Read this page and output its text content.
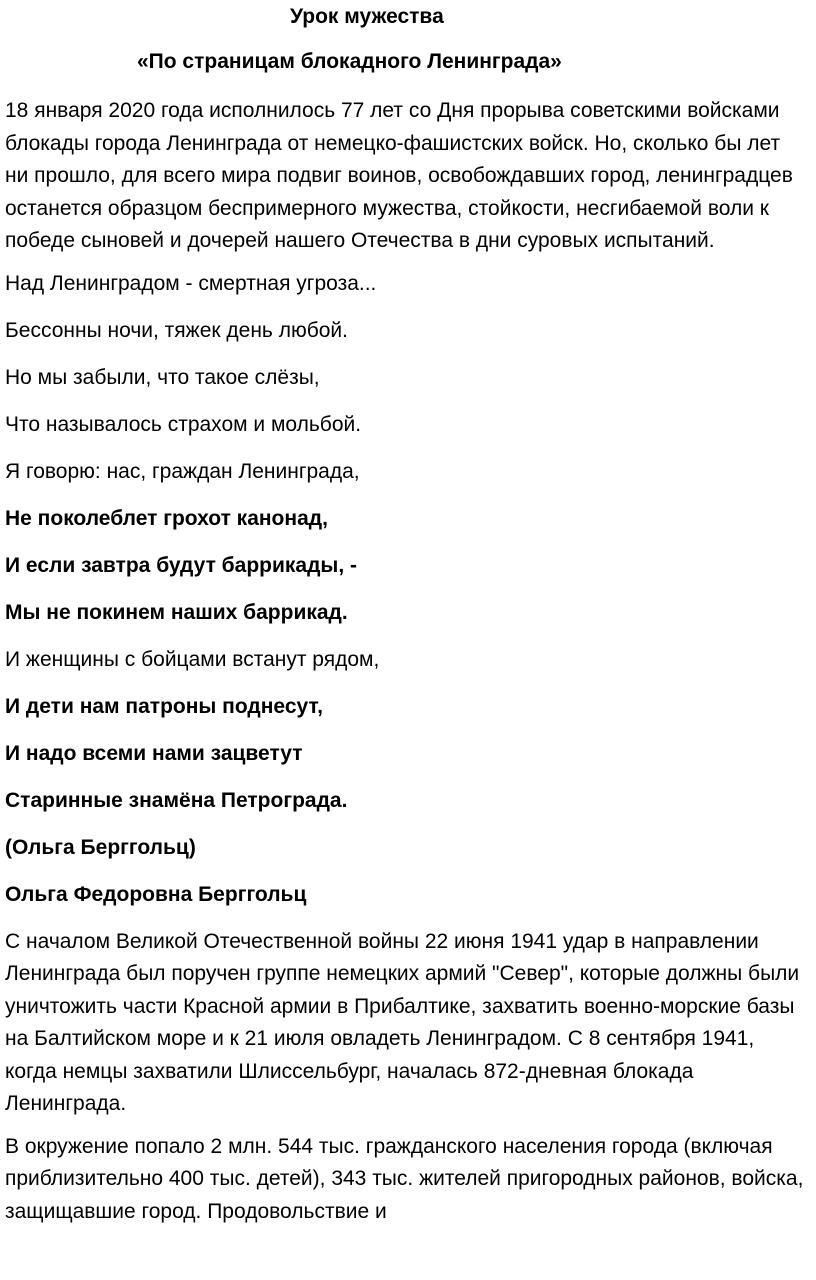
Урок мужества

«По страницам блокадного Ленинграда»

18 января 2020 года исполнилось 77 лет со Дня прорыва советскими войсками блокады города Ленинграда от немецко-фашистских войск. Но, сколько бы лет ни прошло, для всего мира подвиг воинов, освобождавших город, ленинградцев останется образцом беспримерного мужества, стойкости, несгибаемой воли к победе сыновей и дочерей нашего Отечества в дни суровых испытаний.

Над Ленинградом - смертная угроза...

Бессонны ночи, тяжек день любой.

Но мы забыли, что такое слёзы,

Что называлось страхом и мольбой.

Я говорю: нас, граждан Ленинграда,

Не поколеблет грохот канонад,

И если завтра будут баррикады, -

Мы не покинем наших баррикад.

И женщины с бойцами встанут рядом,

И дети нам патроны поднесут,

И надо всеми нами зацветут

Старинные знамёна Петрограда.

(Ольга Берггольц)

Ольга Федоровна Берггольц

С началом Великой Отечественной войны 22 июня 1941 удар в направлении Ленинграда был поручен группе немецких армий "Север", которые должны были уничтожить части Красной армии в Прибалтике, захватить военно-морские базы на Балтийском море и к 21 июля овладеть Ленинградом. С 8 сентября 1941, когда немцы захватили Шлиссельбург, началась 872-дневная блокада Ленинграда.

В окружение попало 2 млн. 544 тыс. гражданского населения города (включая приблизительно 400 тыс. детей), 343 тыс. жителей пригородных районов, войска, защищавшие город. Продовольствие и
